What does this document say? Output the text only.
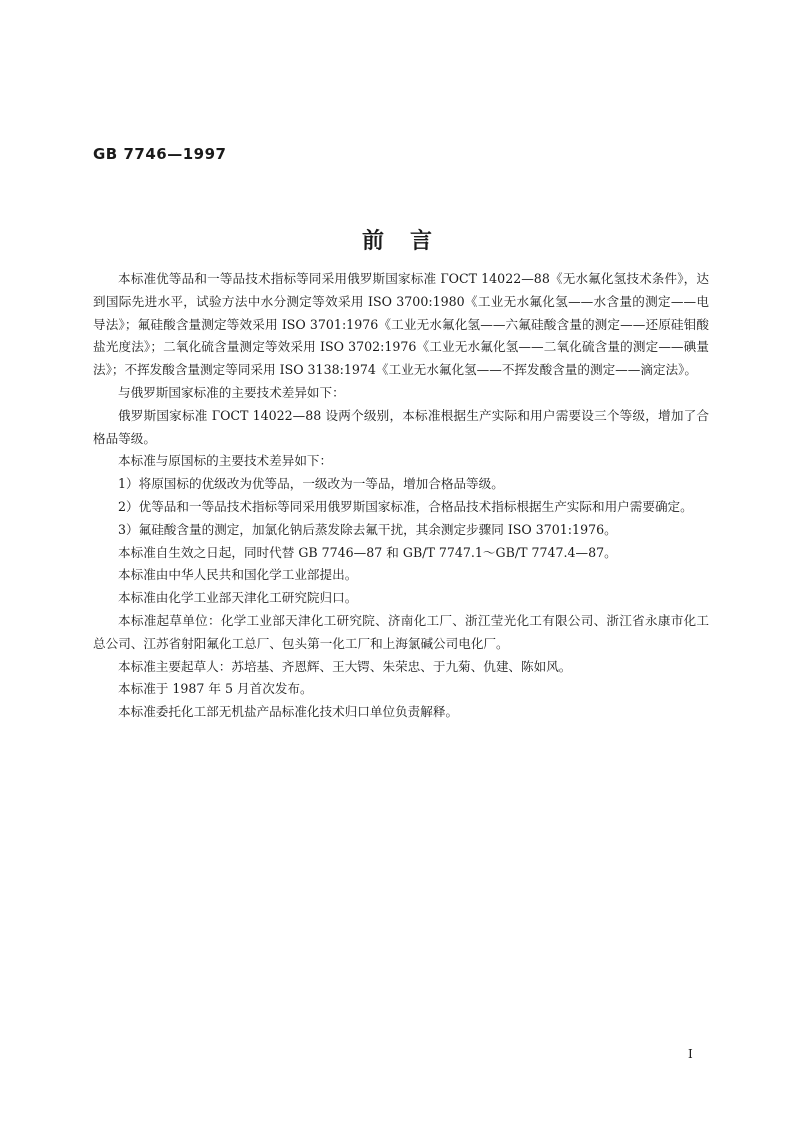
GB 7746—1997
前言

本标准优等品和一等品技术指标等同采用俄罗斯国家标准 ГОСТ 14022—88《无水氟化氢技术条件》，达到国际先进水平，试验方法中水分测定等效采用 ISO 3700:1980《工业无水氟化氢——水含量的测定——电导法》；氟硅酸含量测定等效采用 ISO 3701:1976《工业无水氟化氢——六氟硅酸含量的测定——还原硅钼酸盐光度法》；二氧化硫含量测定等效采用 ISO 3702:1976《工业无水氟化氢——二氧化硫含量的测定——碘量法》；不挥发酸含量测定等同采用 ISO 3138:1974《工业无水氟化氢——不挥发酸含量的测定——滴定法》。

与俄罗斯国家标准的主要技术差异如下：

俄罗斯国家标准 ГОСТ 14022—88 设两个级别，本标准根据生产实际和用户需要设三个等级，增加了合格品等级。

本标准与原国标的主要技术差异如下：

1）将原国标的优级改为优等品，一级改为一等品，增加合格品等级。

2）优等品和一等品技术指标等同采用俄罗斯国家标准，合格品技术指标根据生产实际和用户需要确定。

3）氟硅酸含量的测定，加氯化钠后蒸发除去氟干扰，其余测定步骤同 ISO 3701:1976。

本标准自生效之日起，同时代替 GB 7746—87 和 GB/T 7747.1～GB/T 7747.4—87。

本标准由中华人民共和国化学工业部提出。

本标准由化学工业部天津化工研究院归口。

本标准起草单位：化学工业部天津化工研究院、济南化工厂、浙江莹光化工有限公司、浙江省永康市化工总公司、江苏省射阳氟化工总厂、包头第一化工厂和上海氯碱公司电化厂。

本标准主要起草人：苏培基、齐恩辉、王大锷、朱荣忠、于九菊、仇建、陈如风。

本标准于 1987 年 5 月首次发布。

本标准委托化工部无机盐产品标准化技术归口单位负责解释。

I
